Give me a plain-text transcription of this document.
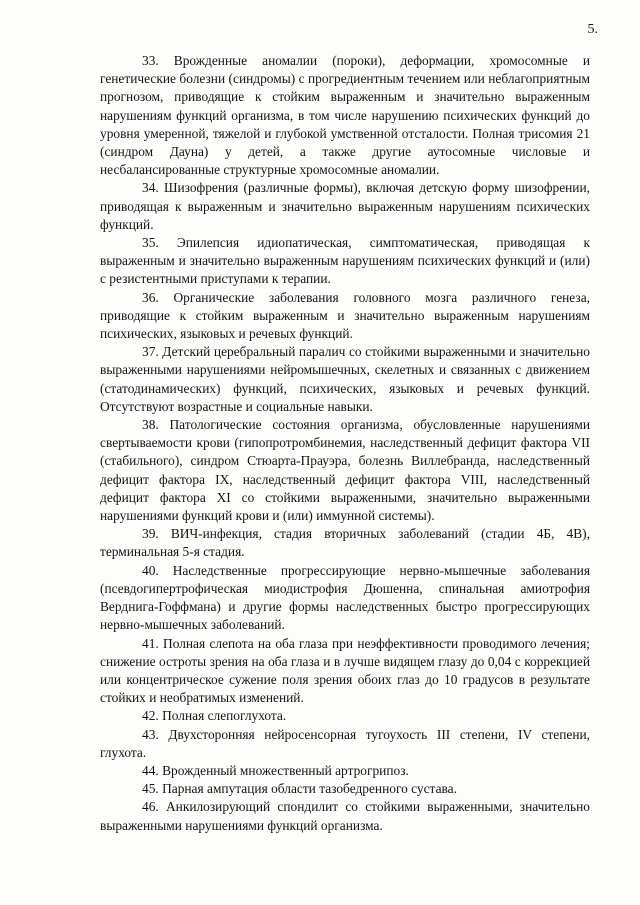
5.

33. Врожденные аномалии (пороки), деформации, хромосомные и генетические болезни (синдромы) с прогредиентным течением или неблагоприятным прогнозом, приводящие к стойким выраженным и значительно выраженным нарушениям функций организма, в том числе нарушению психических функций до уровня умеренной, тяжелой и глубокой умственной отсталости. Полная трисомия 21 (синдром Дауна) у детей, а также другие аутосомные числовые и несбалансированные структурные хромосомные аномалии.

34. Шизофрения (различные формы), включая детскую форму шизофрении, приводящая к выраженным и значительно выраженным нарушениям психических функций.

35. Эпилепсия идиопатическая, симптоматическая, приводящая к выраженным и значительно выраженным нарушениям психических функций и (или) с резистентными приступами к терапии.

36. Органические заболевания головного мозга различного генеза, приводящие к стойким выраженным и значительно выраженным нарушениям психических, языковых и речевых функций.

37. Детский церебральный паралич со стойкими выраженными и значительно выраженными нарушениями нейромышечных, скелетных и связанных с движением (статодинамических) функций, психических, языковых и речевых функций. Отсутствуют возрастные и социальные навыки.

38. Патологические состояния организма, обусловленные нарушениями свертываемости крови (гипопротромбинемия, наследственный дефицит фактора VII (стабильного), синдром Стюарта-Прауэра, болезнь Виллебранда, наследственный дефицит фактора IX, наследственный дефицит фактора VIII, наследственный дефицит фактора XI со стойкими выраженными, значительно выраженными нарушениями функций крови и (или) иммунной системы).

39. ВИЧ-инфекция, стадия вторичных заболеваний (стадии 4Б, 4В), терминальная 5-я стадия.

40. Наследственные прогрессирующие нервно-мышечные заболевания (псевдогипертрофическая миодистрофия Дюшенна, спинальная амиотрофия Верднига-Гоффмана) и другие формы наследственных быстро прогрессирующих нервно-мышечных заболеваний.

41. Полная слепота на оба глаза при неэффективности проводимого лечения; снижение остроты зрения на оба глаза и в лучше видящем глазу до 0,04 с коррекцией или концентрическое сужение поля зрения обоих глаз до 10 градусов в результате стойких и необратимых изменений.

42. Полная слепоглухота.

43. Двухсторонняя нейросенсорная тугоухость III степени, IV степени, глухота.

44. Врожденный множественный артрогрипоз.

45. Парная ампутация области тазобедренного сустава.

46. Анкилозирующий спондилит со стойкими выраженными, значительно выраженными нарушениями функций организма.
